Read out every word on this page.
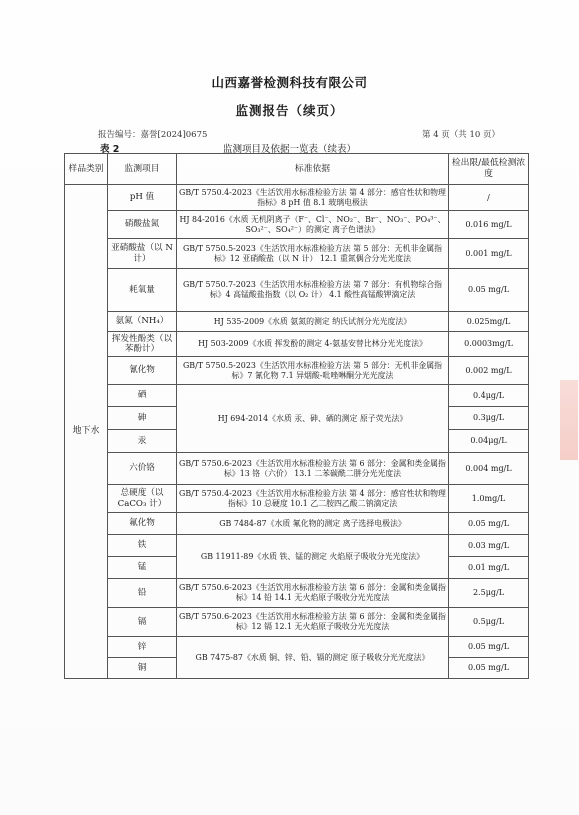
山西嘉誉检测科技有限公司
监测报告（续页）
报告编号：嘉誉[2024]0675	第 4 页（共 10 页）
表 2	监测项目及依据一览表（续表）
样品类别	监测项目	标准依据	检出限/最低检测浓度
地下水	pH 值	GB/T 5750.4-2023《生活饮用水标准检验方法 第 4 部分：感官性状和物理指标》8 pH 值 8.1 玻璃电极法	/
	硝酸盐氮	HJ 84-2016《水质 无机阴离子（F⁻、Cl⁻、NO₂⁻、Br⁻、NO₃⁻、PO₄³⁻、SO₃²⁻、SO₄²⁻）的测定 离子色谱法》	0.016 mg/L
	亚硝酸盐（以 N 计）	GB/T 5750.5-2023《生活饮用水标准检验方法 第 5 部分：无机非金属指标》12 亚硝酸盐（以 N 计） 12.1 重氮偶合分光光度法	0.001 mg/L
	耗氧量	GB/T 5750.7-2023《生活饮用水标准检验方法 第 7 部分：有机物综合指标》4 高锰酸盐指数（以 O₂ 计） 4.1 酸性高锰酸钾滴定法	0.05 mg/L
	氨氮（NH₄）	HJ 535-2009《水质 氨氮的测定 纳氏试剂分光光度法》	0.025mg/L
	挥发性酚类（以苯酚计）	HJ 503-2009《水质 挥发酚的测定 4-氨基安替比林分光光度法》	0.0003mg/L
	氰化物	GB/T 5750.5-2023《生活饮用水标准检验方法 第 5 部分：无机非金属指标》7 氰化物 7.1 异烟酸-吡唑啉酮分光光度法	0.002 mg/L
	硒	HJ 694-2014《水质 汞、砷、硒的测定 原子荧光法》	0.4μg/L
	砷		0.3μg/L
	汞		0.04μg/L
	六价铬	GB/T 5750.6-2023《生活饮用水标准检验方法 第 6 部分：金属和类金属指标》13 铬（六价） 13.1 二苯碳酰二肼分光光度法	0.004 mg/L
	总硬度（以 CaCO₃ 计）	GB/T 5750.4-2023《生活饮用水标准检验方法 第 4 部分：感官性状和物理指标》10 总硬度 10.1 乙二胺四乙酸二钠滴定法	1.0mg/L
	氟化物	GB 7484-87《水质 氟化物的测定 离子选择电极法》	0.05 mg/L
	铁	GB 11911-89《水质 铁、锰的测定 火焰原子吸收分光光度法》	0.03 mg/L
	锰		0.01 mg/L
	铅	GB/T 5750.6-2023《生活饮用水标准检验方法 第 6 部分：金属和类金属指标》14 铅 14.1 无火焰原子吸收分光光度法	2.5μg/L
	镉	GB/T 5750.6-2023《生活饮用水标准检验方法 第 6 部分：金属和类金属指标》12 镉 12.1 无火焰原子吸收分光光度法	0.5μg/L
	锌	GB 7475-87《水质 铜、锌、铅、镉的测定 原子吸收分光光度法》	0.05 mg/L
	铜		0.05 mg/L
